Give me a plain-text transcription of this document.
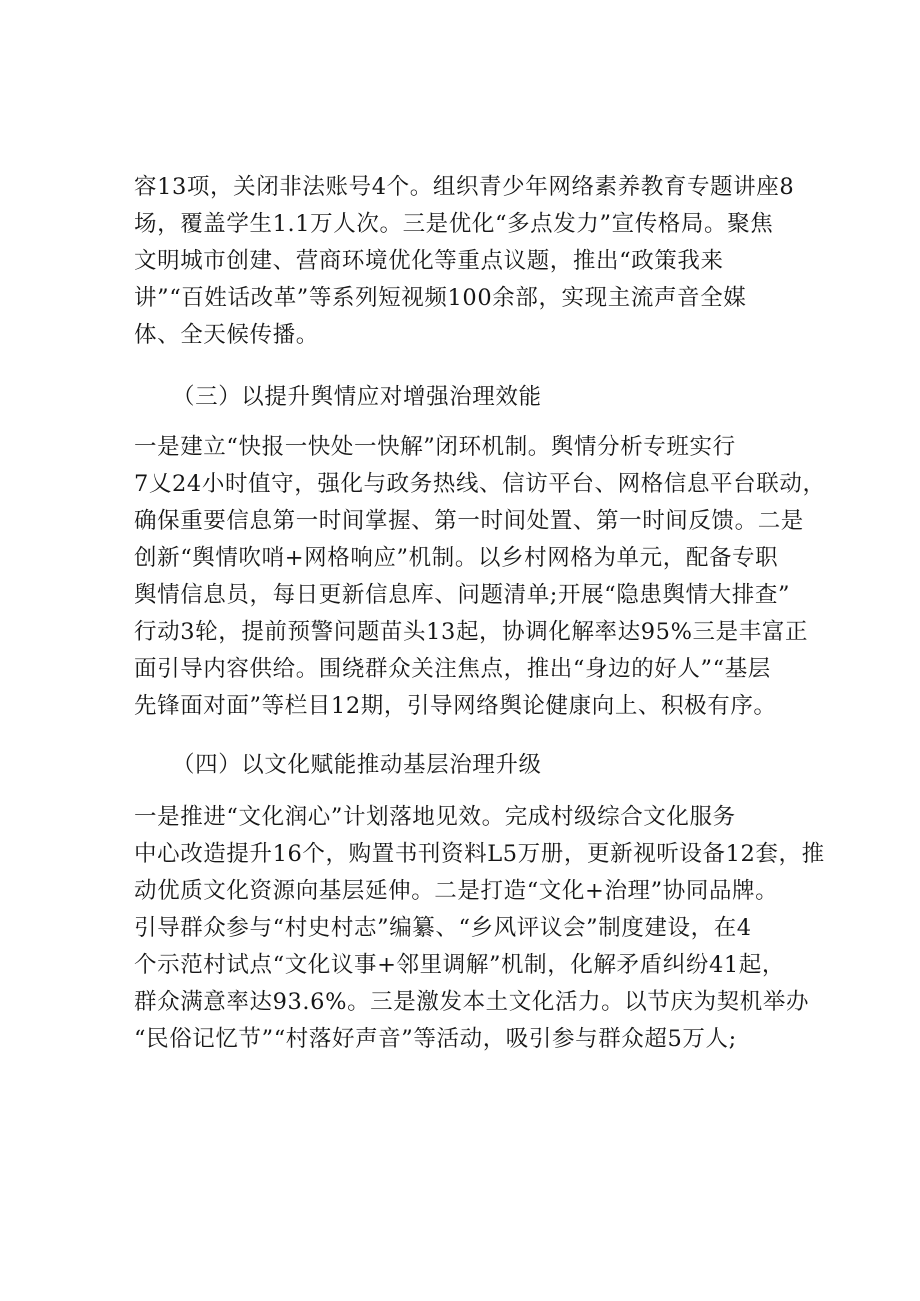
容13项，关闭非法账号4个。组织青少年网络素养教育专题讲座8
场，覆盖学生1.1万人次。三是优化“多点发力”宣传格局。聚焦
文明城市创建、营商环境优化等重点议题，推出“政策我来
讲”“百姓话改革”等系列短视频100余部，实现主流声音全媒
体、全天候传播。
（三）以提升舆情应对增强治理效能
一是建立“快报一快处一快解”闭环机制。舆情分析专班实行
7乂24小时值守，强化与政务热线、信访平台、网格信息平台联动，
确保重要信息第一时间掌握、第一时间处置、第一时间反馈。二是
创新“舆情吹哨+网格响应”机制。以乡村网格为单元，配备专职
舆情信息员，每日更新信息库、问题清单;开展“隐患舆情大排查”
行动3轮，提前预警问题苗头13起，协调化解率达95%三是丰富正
面引导内容供给。围绕群众关注焦点，推出“身边的好人”“基层
先锋面对面”等栏目12期，引导网络舆论健康向上、积极有序。
（四）以文化赋能推动基层治理升级
一是推进“文化润心”计划落地见效。完成村级综合文化服务
中心改造提升16个，购置书刊资料L5万册，更新视听设备12套，推
动优质文化资源向基层延伸。二是打造“文化+治理”协同品牌。
引导群众参与“村史村志”编纂、“乡风评议会”制度建设，在4
个示范村试点“文化议事+邻里调解”机制，化解矛盾纠纷41起，
群众满意率达93.6%。三是激发本土文化活力。以节庆为契机举办
“民俗记忆节”“村落好声音”等活动，吸引参与群众超5万人;
